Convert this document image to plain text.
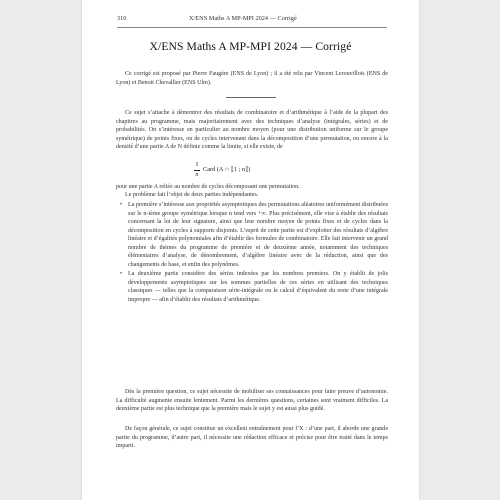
310	X/ENS Maths A MP-MPI 2024 — Corrigé
X/ENS Maths A MP-MPI 2024 — Corrigé
Ce corrigé est proposé par Pierre Faugère (ENS de Lyon) ; il a été relu par Vincent Lerouvillois (ENS de Lyon) et Benoit Chevallier (ENS Ulm).
Ce sujet s’attache à démontrer des résultats de combinatoire et d’arithmétique à l’aide de la plupart des chapitres au programme, mais majoritairement avec des techniques d’analyse (intégrales, séries) et de probabilités. On s’intéresse en particulier au nombre moyen (pour une distribution uniforme sur le groupe symétrique) de points fixes, ou de cycles intervenant dans la décomposition d’une permutation, ou encore à la densité d’une partie A de N définie comme la limite, si elle existe, de
1
n
Card (A ∩ ⟦1 ; n⟧)
pour une partie A reliée au nombre de cycles décomposant une permutation.
Le problème fait l’objet de deux parties indépendantes.
• La première s’intéresse aux propriétés asymptotiques des permutations aléatoires uniformément distribuées sur le n-ième groupe symétrique lorsque n tend vers +∞. Plus précisément, elle vise à établir des résultats concernant la loi de leur signature, ainsi que leur nombre moyen de points fixes et de cycles dans la décomposition en cycles à supports disjoints. L’esprit de cette partie est d’exploiter des résultats d’algèbre linéaire et d’égalités polynomiales afin d’établir des formules de combinatoire. Elle fait intervenir un grand nombre de thèmes du programme de première et de deuxième année, notamment des techniques élémentaires d’analyse, de dénombrement, d’algèbre linéaire avec de la réduction, ainsi que des changements de base, et enfin des polynômes.
• La deuxième partie considère des séries indexées par les nombres premiers. On y établit de jolis développements asymptotiques sur les sommes partielles de ces séries en utilisant des techniques classiques — telles que la comparaison série-intégrale ou le calcul d’équivalent du reste d’une intégrale impropre — afin d’établir des résultats d’arithmétique.
Dès la première question, ce sujet nécessite de mobiliser ses connaissances pour faire preuve d’autonomie. La difficulté augmente ensuite lentement. Parmi les dernières questions, certaines sont vraiment difficiles. La deuxième partie est plus technique que la première mais le sujet y est aussi plus guidé.
De façon générale, ce sujet constitue un excellent entraînement pour l’X : d’une part, il aborde une grande partie du programme, d’autre part, il nécessite une rédaction efficace et précise pour être traité dans le temps imparti.
